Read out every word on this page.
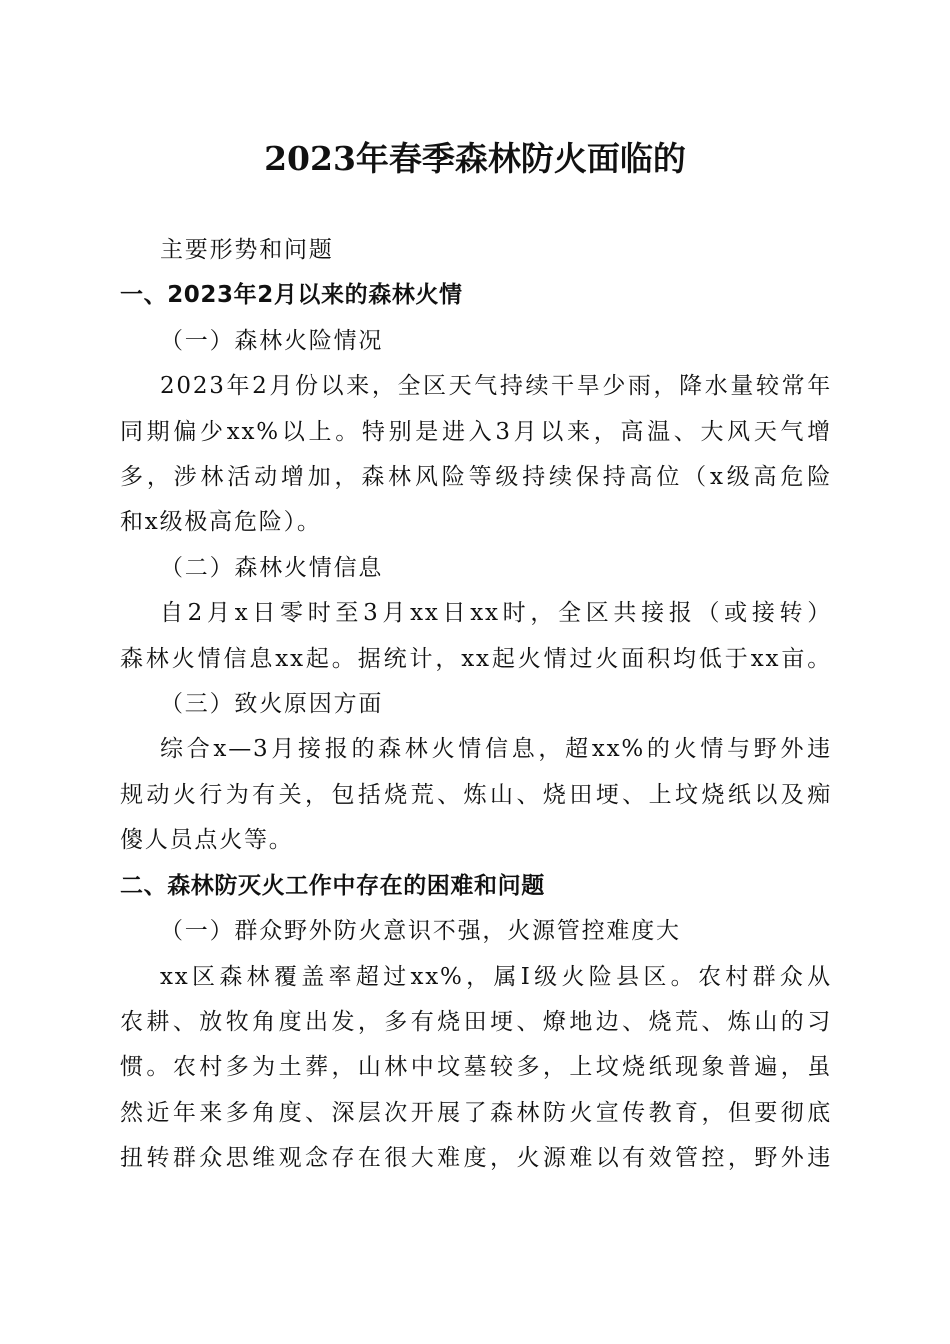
2023年春季森林防火面临的

主要形势和问题

一、2023年2月以来的森林火情

（一）森林火险情况

2023年2月份以来，全区天气持续干旱少雨，降水量较常年

同期偏少xx%以上。特别是进入3月以来，高温、大风天气增

多，涉林活动增加，森林风险等级持续保持高位（x级高危险

和x级极高危险）。

（二）森林火情信息

自2月x日零时至3月xx日xx时，全区共接报（或接转）

森林火情信息xx起。据统计，xx起火情过火面积均低于xx亩。

（三）致火原因方面

综合x—3月接报的森林火情信息，超xx%的火情与野外违

规动火行为有关，包括烧荒、炼山、烧田埂、上坟烧纸以及痴

傻人员点火等。

二、森林防灭火工作中存在的困难和问题

（一）群众野外防火意识不强，火源管控难度大

xx区森林覆盖率超过xx%，属I级火险县区。农村群众从

农耕、放牧角度出发，多有烧田埂、燎地边、烧荒、炼山的习

惯。农村多为土葬，山林中坟墓较多，上坟烧纸现象普遍，虽

然近年来多角度、深层次开展了森林防火宣传教育，但要彻底

扭转群众思维观念存在很大难度，火源难以有效管控，野外违
